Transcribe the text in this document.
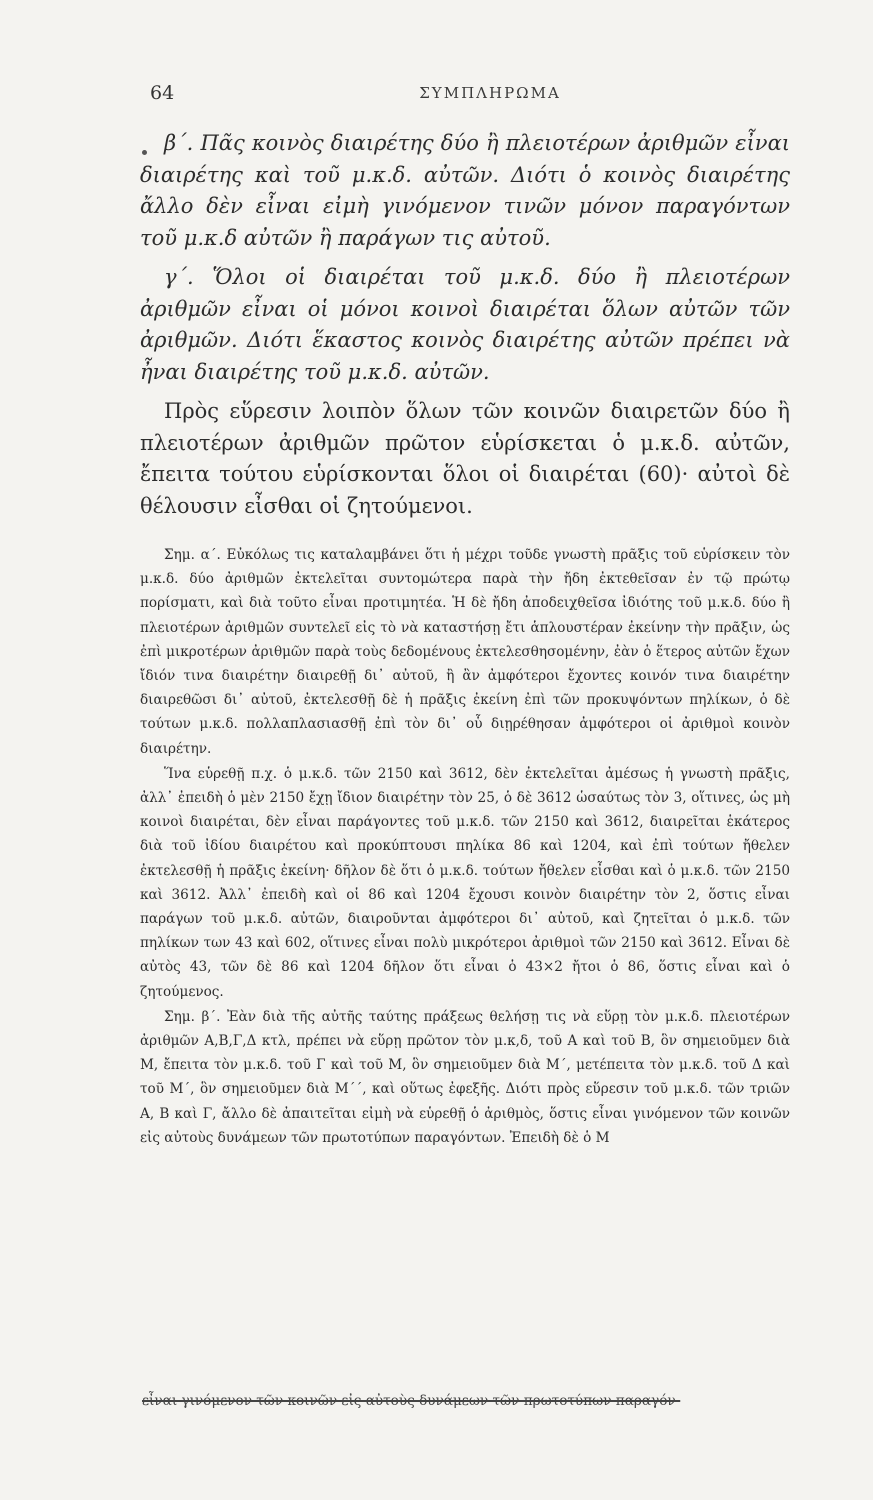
64	ΣΥΜΠΛΗΡΩΜΑ

β΄. Πᾶς κοινὸς διαιρέτης δύο ἢ πλειοτέρων ἀριθμῶν εἶναι διαιρέτης καὶ τοῦ μ.κ.δ. αὐτῶν. Διότι ὁ κοινὸς διαιρέτης ἄλλο δὲν εἶναι εἰμὴ γινόμενον τινῶν μόνον παραγόντων τοῦ μ.κ.δ αὐτῶν ἢ παράγων τις αὐτοῦ.

γ΄. Ὅλοι οἱ διαιρέται τοῦ μ.κ.δ. δύο ἢ πλειοτέρων ἀριθμῶν εἶναι οἱ μόνοι κοινοὶ διαιρέται ὅλων αὐτῶν τῶν ἀριθμῶν. Διότι ἕκαστος κοινὸς διαιρέτης αὐτῶν πρέπει νὰ ἦναι διαιρέτης τοῦ μ.κ.δ. αὐτῶν.

Πρὸς εὕρεσιν λοιπὸν ὅλων τῶν κοινῶν διαιρετῶν δύο ἢ πλειοτέρων ἀριθμῶν πρῶτον εὑρίσκεται ὁ μ.κ.δ. αὐτῶν, ἔπειτα τούτου εὑρίσκονται ὅλοι οἱ διαιρέται (60)· αὐτοὶ δὲ θέλουσιν εἶσθαι οἱ ζητούμενοι.

Σημ. α΄. Εὐκόλως τις καταλαμβάνει ὅτι ἡ μέχρι τοῦδε γνωστὴ πρᾶξις τοῦ εὑρίσκειν τὸν μ.κ.δ. δύο ἀριθμῶν ἐκτελεῖται συντομώτερα παρὰ τὴν ἤδη ἐκτεθεῖσαν ἐν τῷ πρώτῳ πορίσματι, καὶ διὰ τοῦτο εἶναι προτιμητέα. Ἡ δὲ ἤδη ἀποδειχθεῖσα ἰδιότης τοῦ μ.κ.δ. δύο ἢ πλειοτέρων ἀριθμῶν συντελεῖ εἰς τὸ νὰ καταστήσῃ ἔτι ἁπλουστέραν ἐκείνην τὴν πρᾶξιν, ὡς ἐπὶ μικροτέρων ἀριθμῶν παρὰ τοὺς δεδομένους ἐκτελεσθησομένην, ἐὰν ὁ ἕτερος αὐτῶν ἔχων ἴδιόν τινα διαιρέτην διαιρεθῇ δι᾽ αὐτοῦ, ἢ ἂν ἀμφότεροι ἔχοντες κοινόν τινα διαιρέτην διαιρεθῶσι δι᾽ αὐτοῦ, ἐκτελεσθῇ δὲ ἡ πρᾶξις ἐκείνη ἐπὶ τῶν προκυψόντων πηλίκων, ὁ δὲ τούτων μ.κ.δ. πολλαπλασιασθῇ ἐπὶ τὸν δι᾽ οὗ διῃρέθησαν ἀμφότεροι οἱ ἀριθμοὶ κοινὸν διαιρέτην.

Ἵνα εὑρεθῇ π.χ. ὁ μ.κ.δ. τῶν 2150 καὶ 3612, δὲν ἐκτελεῖται ἀμέσως ἡ γνωστὴ πρᾶξις, ἀλλ᾽ ἐπειδὴ ὁ μὲν 2150 ἔχῃ ἴδιον διαιρέτην τὸν 25, ὁ δὲ 3612 ὡσαύτως τὸν 3, οἵτινες, ὡς μὴ κοινοὶ διαιρέται, δὲν εἶναι παράγοντες τοῦ μ.κ.δ. τῶν 2150 καὶ 3612, διαιρεῖται ἑκάτερος διὰ τοῦ ἰδίου διαιρέτου καὶ προκύπτουσι πηλίκα 86 καὶ 1204, καὶ ἐπὶ τούτων ἤθελεν ἐκτελεσθῇ ἡ πρᾶξις ἐκείνη· δῆλον δὲ ὅτι ὁ μ.κ.δ. τούτων ἤθελεν εἶσθαι καὶ ὁ μ.κ.δ. τῶν 2150 καὶ 3612. Ἀλλ᾽ ἐπειδὴ καὶ οἱ 86 καὶ 1204 ἔχουσι κοινὸν διαιρέτην τὸν 2, ὅστις εἶναι παράγων τοῦ μ.κ.δ. αὐτῶν, διαιροῦνται ἀμφότεροι δι᾽ αὐτοῦ, καὶ ζητεῖται ὁ μ.κ.δ. τῶν πηλίκων των 43 καὶ 602, οἵτινες εἶναι πολὺ μικρότεροι ἀριθμοὶ τῶν 2150 καὶ 3612. Εἶναι δὲ αὐτὸς 43, τῶν δὲ 86 καὶ 1204 δῆλον ὅτι εἶναι ὁ 43×2 ἤτοι ὁ 86, ὅστις εἶναι καὶ ὁ ζητούμενος.

Σημ. β΄. Ἐὰν διὰ τῆς αὐτῆς ταύτης πράξεως θελήσῃ τις νὰ εὕρῃ τὸν μ.κ.δ. πλειοτέρων ἀριθμῶν Α,Β,Γ,Δ κτλ, πρέπει νὰ εὕρῃ πρῶτον τὸν μ.κ,δ, τοῦ Α καὶ τοῦ Β, ὃν σημειοῦμεν διὰ Μ, ἔπειτα τὸν μ.κ.δ. τοῦ Γ καὶ τοῦ Μ, ὃν σημειοῦμεν διὰ Μ΄, μετέπειτα τὸν μ.κ.δ. τοῦ Δ καὶ τοῦ Μ΄, ὃν σημειοῦμεν διὰ Μ΄΄, καὶ οὕτως ἐφεξῆς. Διότι πρὸς εὕρεσιν τοῦ μ.κ.δ. τῶν τριῶν Α, Β καὶ Γ, ἄλλο δὲ ἀπαιτεῖται εἰμὴ νὰ εὑρεθῇ ὁ ἀριθμὸς, ὅστις εἶναι γινόμενον τῶν κοινῶν εἰς αὐτοὺς δυνάμεων τῶν πρωτοτύπων παραγόντων. Ἐπειδὴ δὲ ὁ Μ

εἶναι γινόμενον τῶν κοινῶν εἰς αὐτοὺς δυνάμεων τῶν πρωτοτύπων παραγόν-
